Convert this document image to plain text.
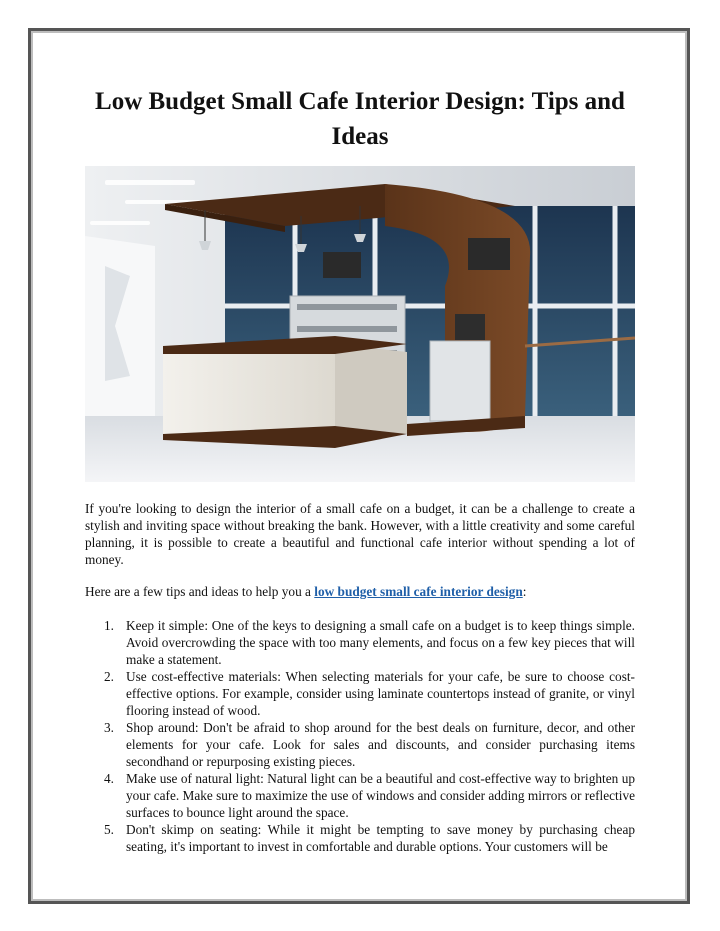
Low Budget Small Cafe Interior Design: Tips and Ideas

If you're looking to design the interior of a small cafe on a budget, it can be a challenge to create a stylish and inviting space without breaking the bank. However, with a little creativity and some careful planning, it is possible to create a beautiful and functional cafe interior without spending a lot of money.

Here are a few tips and ideas to help you a low budget small cafe interior design:

1. Keep it simple: One of the keys to designing a small cafe on a budget is to keep things simple. Avoid overcrowding the space with too many elements, and focus on a few key pieces that will make a statement.
2. Use cost-effective materials: When selecting materials for your cafe, be sure to choose cost-effective options. For example, consider using laminate countertops instead of granite, or vinyl flooring instead of wood.
3. Shop around: Don't be afraid to shop around for the best deals on furniture, decor, and other elements for your cafe. Look for sales and discounts, and consider purchasing items secondhand or repurposing existing pieces.
4. Make use of natural light: Natural light can be a beautiful and cost-effective way to brighten up your cafe. Make sure to maximize the use of windows and consider adding mirrors or reflective surfaces to bounce light around the space.
5. Don't skimp on seating: While it might be tempting to save money by purchasing cheap seating, it's important to invest in comfortable and durable options. Your customers will be
